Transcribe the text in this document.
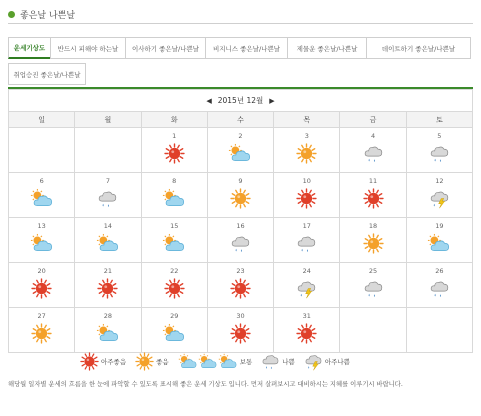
좋은날 나쁜날
운세기상도	반드시 피해야 하는날	이사하기 좋은날/나쁜날	비지니스 좋은날/나쁜날	제물운 좋은날/나쁜날	데이트하기 좋은날/나쁜날
취업승진 좋은날/나쁜날
◀ 2015년 12월 ▶
일	월	화	수	목	금	토

		1	2	3	4	5

6	7	8	9	10	11	12

13	14	15	16	17	18	19

20	21	22	23	24	25	26

27	28	29	30	31		

아주좋음	좋음	보통	나쁨	아주나쁨

해당월 일자별 운세의 흐름을 한 눈에 파악할 수 있도록 표시해 좋은 운세 기상도 입니다. 먼저 살펴보시고 대비하시는 지혜를 이루기시 바랍니다.
